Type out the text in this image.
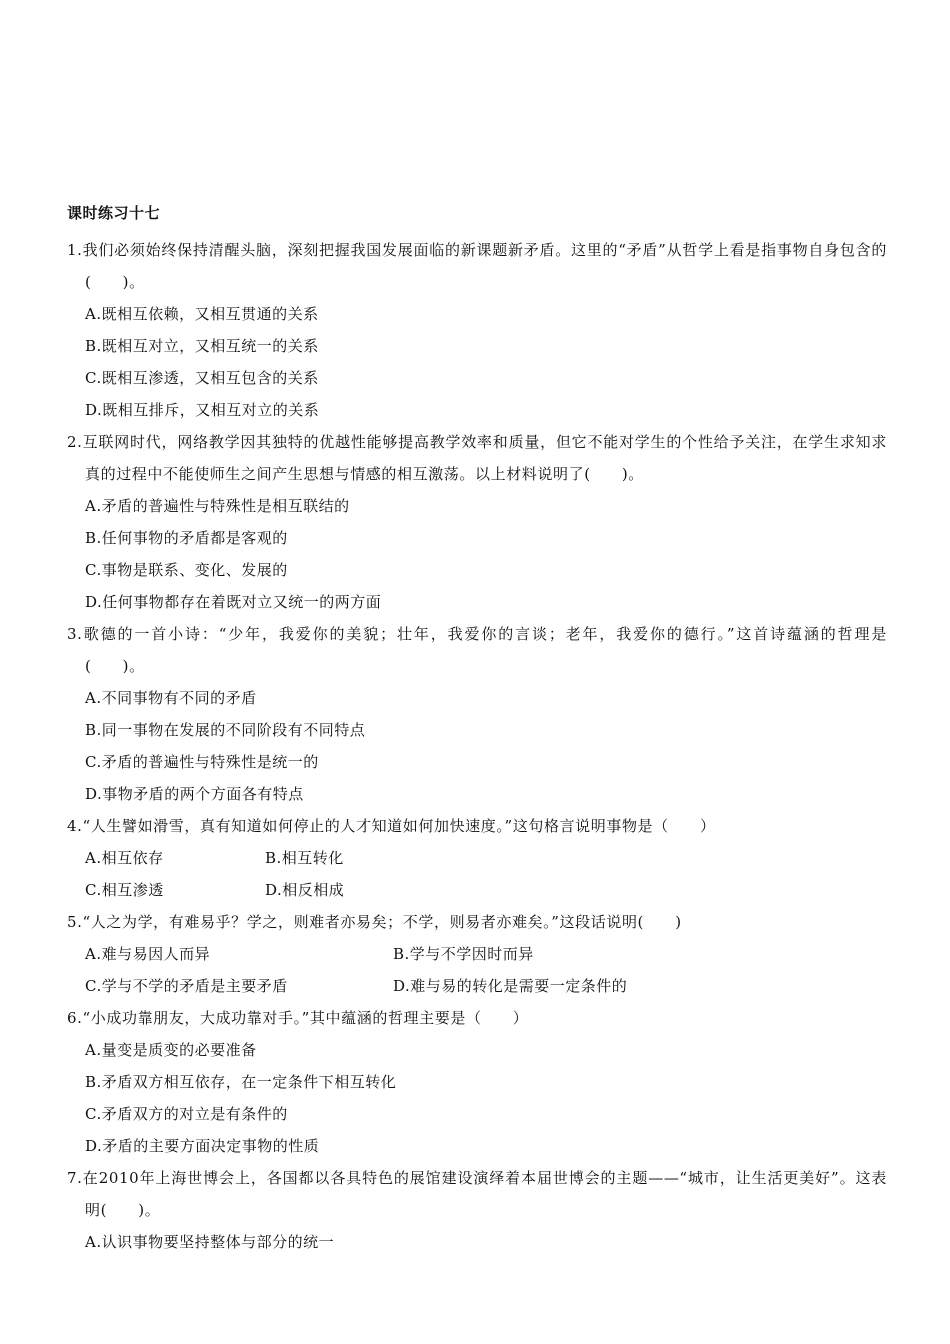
课时练习十七
1.我们必须始终保持清醒头脑，深刻把握我国发展面临的新课题新矛盾。这里的“矛盾”从哲学上看是指事物自身包含的(　　)。
A.既相互依赖，又相互贯通的关系
B.既相互对立，又相互统一的关系
C.既相互渗透，又相互包含的关系
D.既相互排斥，又相互对立的关系
2.互联网时代，网络教学因其独特的优越性能够提高教学效率和质量，但它不能对学生的个性给予关注，在学生求知求真的过程中不能使师生之间产生思想与情感的相互激荡。以上材料说明了(　　)。
A.矛盾的普遍性与特殊性是相互联结的
B.任何事物的矛盾都是客观的
C.事物是联系、变化、发展的
D.任何事物都存在着既对立又统一的两方面
3.歌德的一首小诗：“少年，我爱你的美貌；壮年，我爱你的言谈；老年，我爱你的德行。”这首诗蕴涵的哲理是　(　　)。
A.不同事物有不同的矛盾
B.同一事物在发展的不同阶段有不同特点
C.矛盾的普遍性与特殊性是统一的
D.事物矛盾的两个方面各有特点
4.“人生譬如滑雪，真有知道如何停止的人才知道如何加快速度。”这句格言说明事物是（　　）
A.相互依存	B.相互转化
C.相互渗透	D.相反相成
5.“人之为学，有难易乎？学之，则难者亦易矣；不学，则易者亦难矣。”这段话说明(　　)
A.难与易因人而异	B.学与不学因时而异
C.学与不学的矛盾是主要矛盾	D.难与易的转化是需要一定条件的
6.“小成功靠朋友，大成功靠对手。”其中蕴涵的哲理主要是（　　）
A.量变是质变的必要准备
B.矛盾双方相互依存，在一定条件下相互转化
C.矛盾双方的对立是有条件的
D.矛盾的主要方面决定事物的性质
7.在2010年上海世博会上，各国都以各具特色的展馆建设演绎着本届世博会的主题——“城市，让生活更美好”。这表明(　　)。
A.认识事物要坚持整体与部分的统一
